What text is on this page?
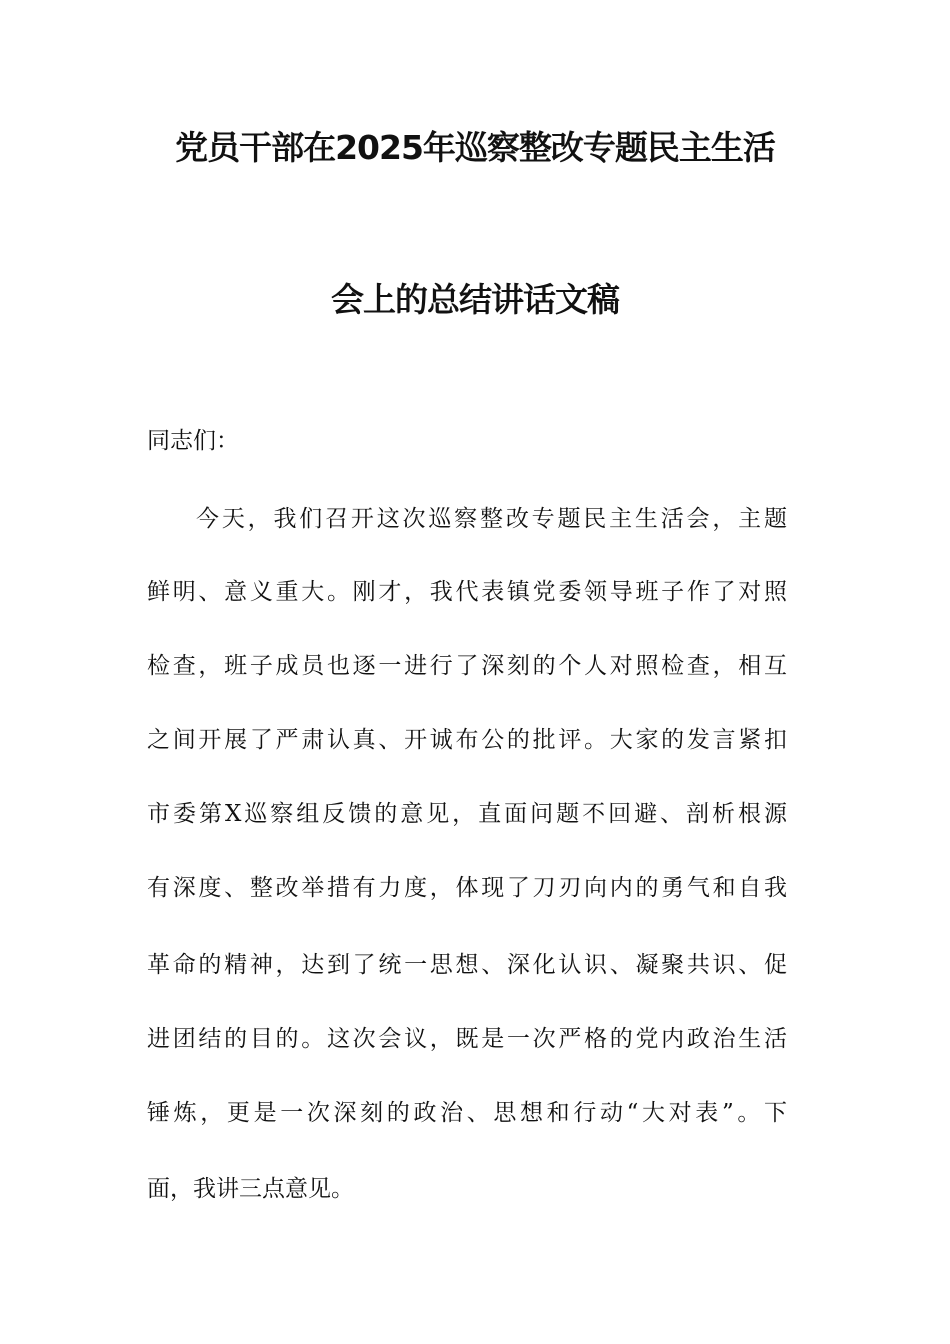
党员干部在2025年巡察整改专题民主生活
会上的总结讲话文稿
同志们：
今天，我们召开这次巡察整改专题民主生活会，主题
鲜明、意义重大。刚才，我代表镇党委领导班子作了对照
检查，班子成员也逐一进行了深刻的个人对照检查，相互
之间开展了严肃认真、开诚布公的批评。大家的发言紧扣
市委第X巡察组反馈的意见，直面问题不回避、剖析根源
有深度、整改举措有力度，体现了刀刃向内的勇气和自我
革命的精神，达到了统一思想、深化认识、凝聚共识、促
进团结的目的。这次会议，既是一次严格的党内政治生活
锤炼，更是一次深刻的政治、思想和行动“大对表”。下
面，我讲三点意见。
